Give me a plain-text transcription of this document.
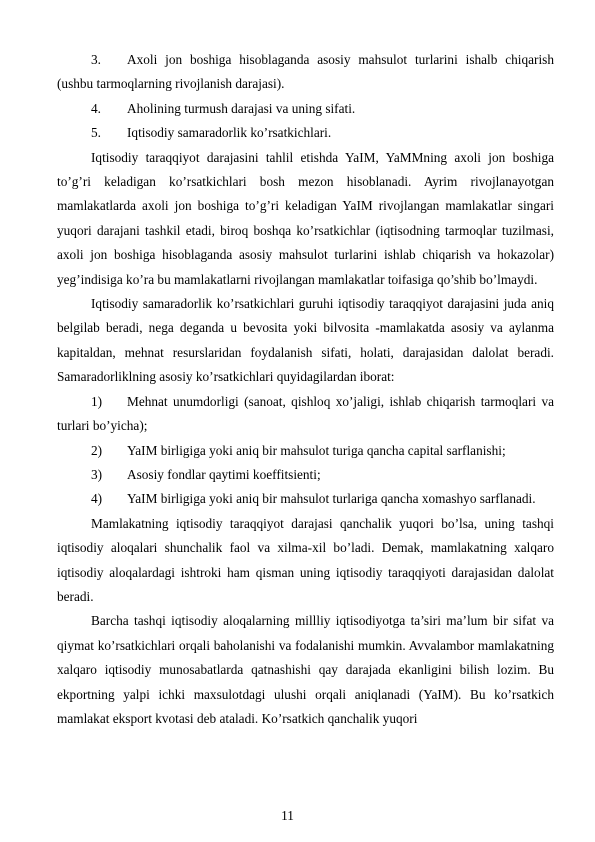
3. Axoli jon boshiga hisoblaganda asosiy mahsulot turlarini ishalb chiqarish (ushbu tarmoqlarning rivojlanish darajasi).

4. Aholining turmush darajasi va uning sifati.

5. Iqtisodiy samaradorlik ko’rsatkichlari.

Iqtisodiy taraqqiyot darajasini tahlil etishda YaIM, YaMMning axoli jon boshiga to’g’ri keladigan ko’rsatkichlari bosh mezon hisoblanadi. Ayrim rivojlanayotgan mamlakatlarda axoli jon boshiga to’g’ri keladigan YaIM rivojlangan mamlakatlar singari yuqori darajani tashkil etadi, biroq boshqa ko’rsatkichlar (iqtisodning tarmoqlar tuzilmasi, axoli jon boshiga hisoblaganda asosiy mahsulot turlarini ishlab chiqarish va hokazolar) yeg’indisiga ko’ra bu mamlakatlarni rivojlangan mamlakatlar toifasiga qo’shib bo’lmaydi.

Iqtisodiy samaradorlik ko’rsatkichlari guruhi iqtisodiy taraqqiyot darajasini juda aniq belgilab beradi, nega deganda u bevosita yoki bilvosita -mamlakatda asosiy va aylanma kapitaldan, mehnat resurslaridan foydalanish sifati, holati, darajasidan dalolat beradi. Samaradorliklning asosiy ko’rsatkichlari quyidagilardan iborat:

1) Mehnat unumdorligi (sanoat, qishloq xo’jaligi, ishlab chiqarish tarmoqlari va turlari bo’yicha);

2) YaIM birligiga yoki aniq bir mahsulot turiga qancha capital sarflanishi;

3) Asosiy fondlar qaytimi koeffitsienti;

4) YaIM birligiga yoki aniq bir mahsulot turlariga qancha xomashyo sarflanadi.

Mamlakatning iqtisodiy taraqqiyot darajasi qanchalik yuqori bo’lsa, uning tashqi iqtisodiy aloqalari shunchalik faol va xilma-xil bo’ladi. Demak, mamlakatning xalqaro iqtisodiy aloqalardagi ishtroki ham qisman uning iqtisodiy taraqqiyoti darajasidan dalolat beradi.

Barcha tashqi iqtisodiy aloqalarning millliy iqtisodiyotga ta’siri ma’lum bir sifat va qiymat ko’rsatkichlari orqali baholanishi va fodalanishi mumkin. Avvalambor mamlakatning xalqaro iqtisodiy munosabatlarda qatnashishi qay darajada ekanligini bilish lozim. Bu ekportning yalpi ichki maxsulotdagi ulushi orqali aniqlanadi (YaIM). Bu ko’rsatkich mamlakat eksport kvotasi deb ataladi. Ko’rsatkich qanchalik yuqori

11
